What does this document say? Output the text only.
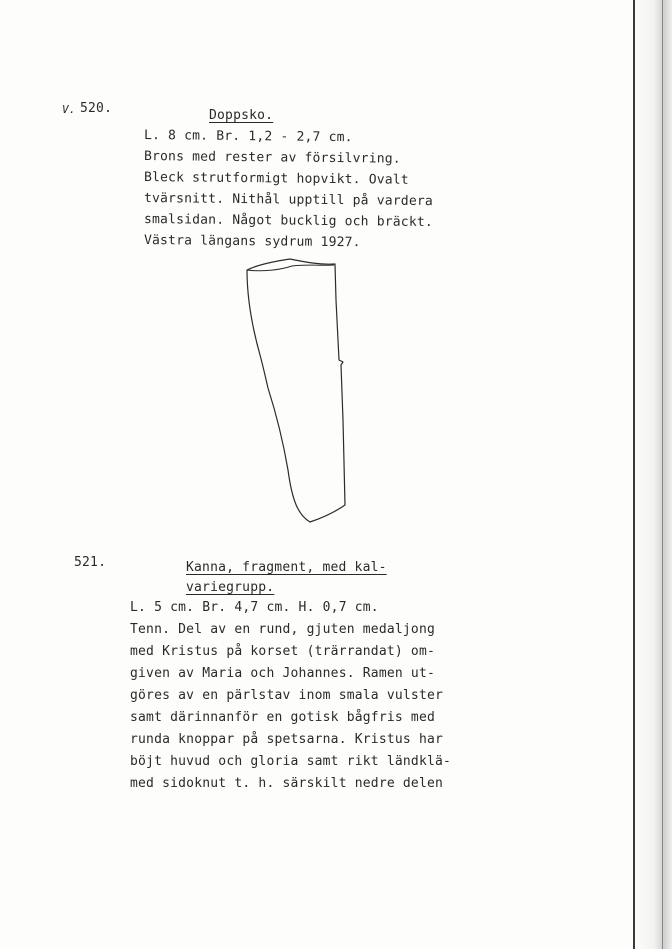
V. 520.	Doppsko.
L. 8 cm. Br. 1,2 - 2,7 cm.
Brons med rester av försilvring.
Bleck strutformigt hopvikt. Ovalt
tvärsnitt. Nithål upptill på vardera
smalsidan. Något bucklig och bräckt.
Västra längans sydrum 1927.
521.	Kanna, fragment, med kal-
variegrupp.
L. 5 cm. Br. 4,7 cm. H. 0,7 cm.
Tenn. Del av en rund, gjuten medaljong
med Kristus på korset (trärrandat) om-
given av Maria och Johannes. Ramen ut-
göres av en pärlstav inom smala vulster
samt därinnanför en gotisk bågfris med
runda knoppar på spetsarna. Kristus har
böjt huvud och gloria samt rikt ländklä-
med sidoknut t. h. särskilt nedre delen
